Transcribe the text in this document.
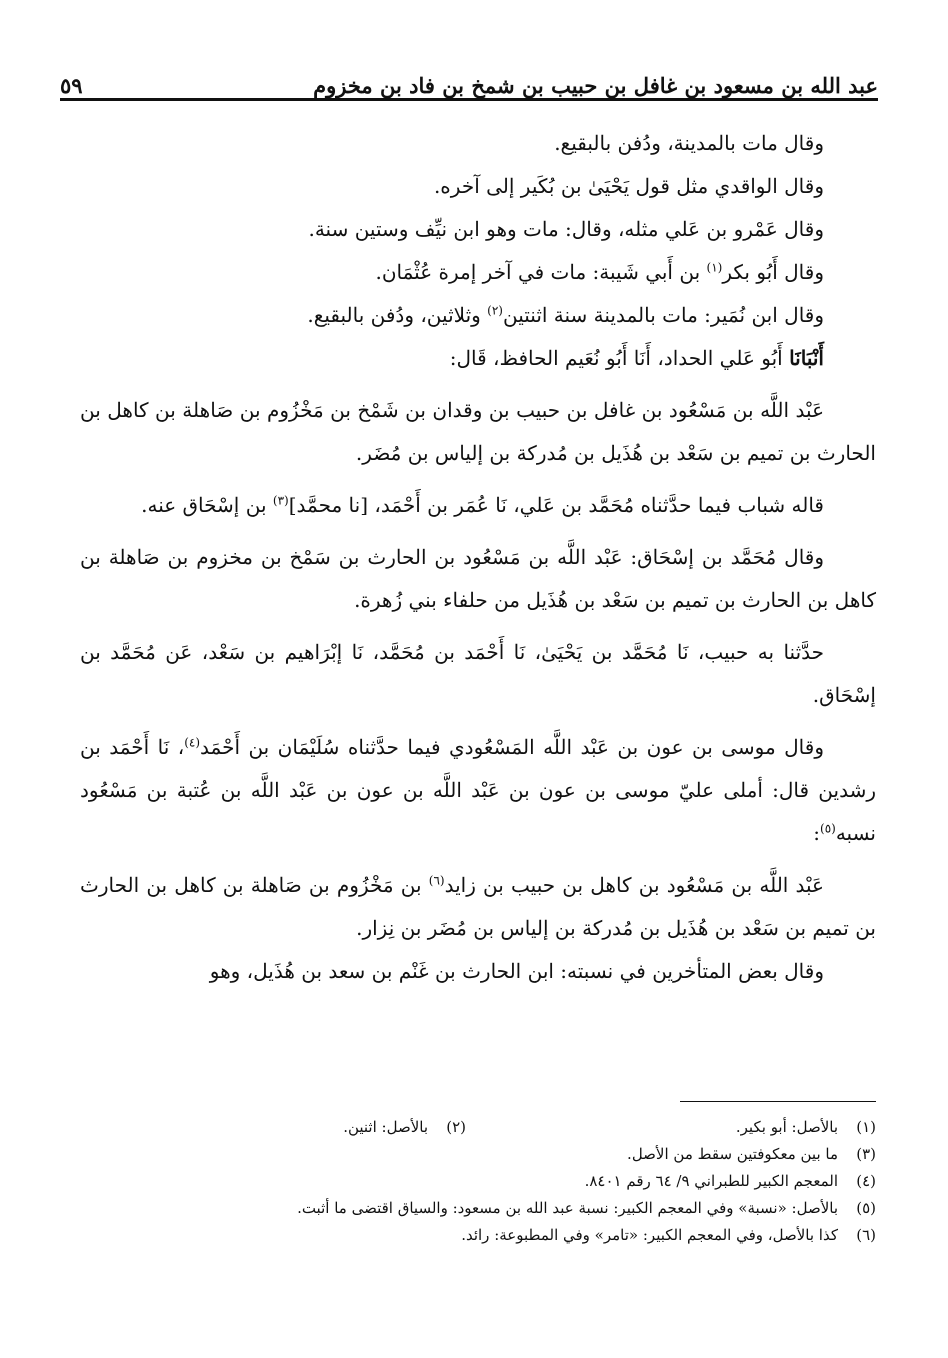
عبد الله بن مسعود بن غافل بن حبيب بن شمخ بن فاد بن مخزوم
٥٩

وقال مات بالمدينة، ودُفن بالبقيع.

وقال الواقدي مثل قول يَحْيَىٰ بن بُكَير إلى آخره.

وقال عَمْرو بن عَلي مثله، وقال: مات وهو ابن نيِّف وستين سنة.

وقال أَبُو بكر$^{(١)}$ بن أَبي شَيبة: مات في آخر إمرة عُثْمَان.

وقال ابن نُمَير: مات بالمدينة سنة اثنتين$^{(٢)}$ وثلاثين، ودُفن بالبقيع.

أَنْبَانَا أَبُو عَلي الحداد، أَنَا أَبُو نُعَيم الحافظ، قَال:

عَبْد اللَّه بن مَسْعُود بن غافل بن حبيب بن وقدان بن شَمْخ بن مَخْزُوم بن صَاهلة بن كاهل بن الحارث بن تميم بن سَعْد بن هُذَيل بن مُدركة بن إلياس بن مُضَر.

قاله شباب فيما حدَّثناه مُحَمَّد بن عَلي، نَا عُمَر بن أَحْمَد، [نا محمَّد]$^{(٣)}$ بن إسْحَاق عنه.

وقال مُحَمَّد بن إسْحَاق: عَبْد اللَّه بن مَسْعُود بن الحارث بن سَمْخ بن مخزوم بن صَاهلة بن كاهل بن الحارث بن تميم بن سَعْد بن هُذَيل من حلفاء بني زُهرة.

حدَّثنا به حبيب، نَا مُحَمَّد بن يَحْيَىٰ، نَا أَحْمَد بن مُحَمَّد، نَا إبْرَاهيم بن سَعْد، عَن مُحَمَّد بن إسْحَاق.

وقال موسى بن عون بن عَبْد اللَّه المَسْعُودي فيما حدَّثناه سُلَيْمَان بن أَحْمَد$^{(٤)}$، نَا أَحْمَد بن رشدين قال: أملى عليّ موسى بن عون بن عَبْد اللَّه بن عون بن عَبْد اللَّه بن عُتبة بن مَسْعُود نسبه$^{(٥)}$:

عَبْد اللَّه بن مَسْعُود بن كاهل بن حبيب بن زايد$^{(٦)}$ بن مَخْزُوم بن صَاهلة بن كاهل بن الحارث بن تميم بن سَعْد بن هُذَيل بن مُدركة بن إلياس بن مُضَر بن نِزار.

وقال بعض المتأخرين في نسبته: ابن الحارث بن غَنْم بن سعد بن هُذَيل، وهو

(١)
بالأصل: أبو بكير.
(٢)
بالأصل: اثنين.
(٣)
ما بين معكوفتين سقط من الأصل.
(٤)
المعجم الكبير للطبراني ٩/ ٦٤ رقم ٨٤٠١.
(٥)
بالأصل: «نسبة» وفي المعجم الكبير: نسبة عبد الله بن مسعود: والسياق اقتضى ما أثبت.
(٦)
كذا بالأصل، وفي المعجم الكبير: «تامر» وفي المطبوعة: رائد.
